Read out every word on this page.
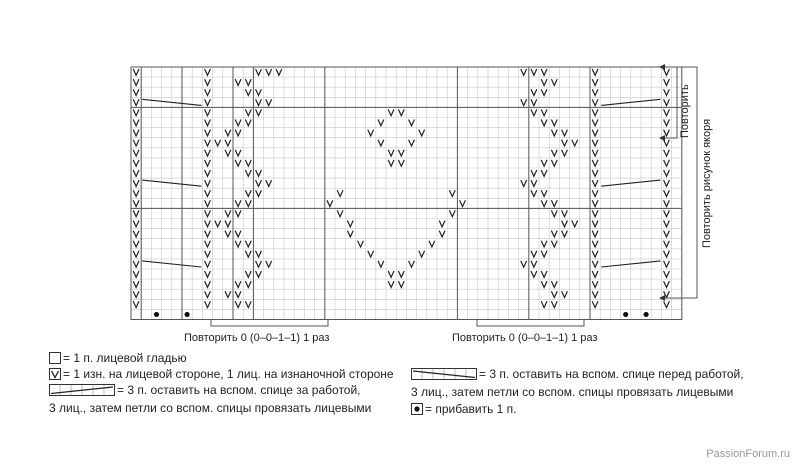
Повторить 0 (0–0–1–1) 1 раз	Повторить 0 (0–0–1–1) 1 раз
Повторить
Повторить рисунок якоря
= 1 п. лицевой гладью
= 1 изн. на лицевой стороне, 1 лиц. на изнаночной стороне
= 3 п. оставить на вспом. спице за работой,
3 лиц., затем петли со вспом. спицы провязать лицевыми
= 3 п. оставить на вспом. спице перед работой,
3 лиц., затем петли со вспом. спицы провязать лицевыми
= прибавить 1 п.
PassionForum.ru
